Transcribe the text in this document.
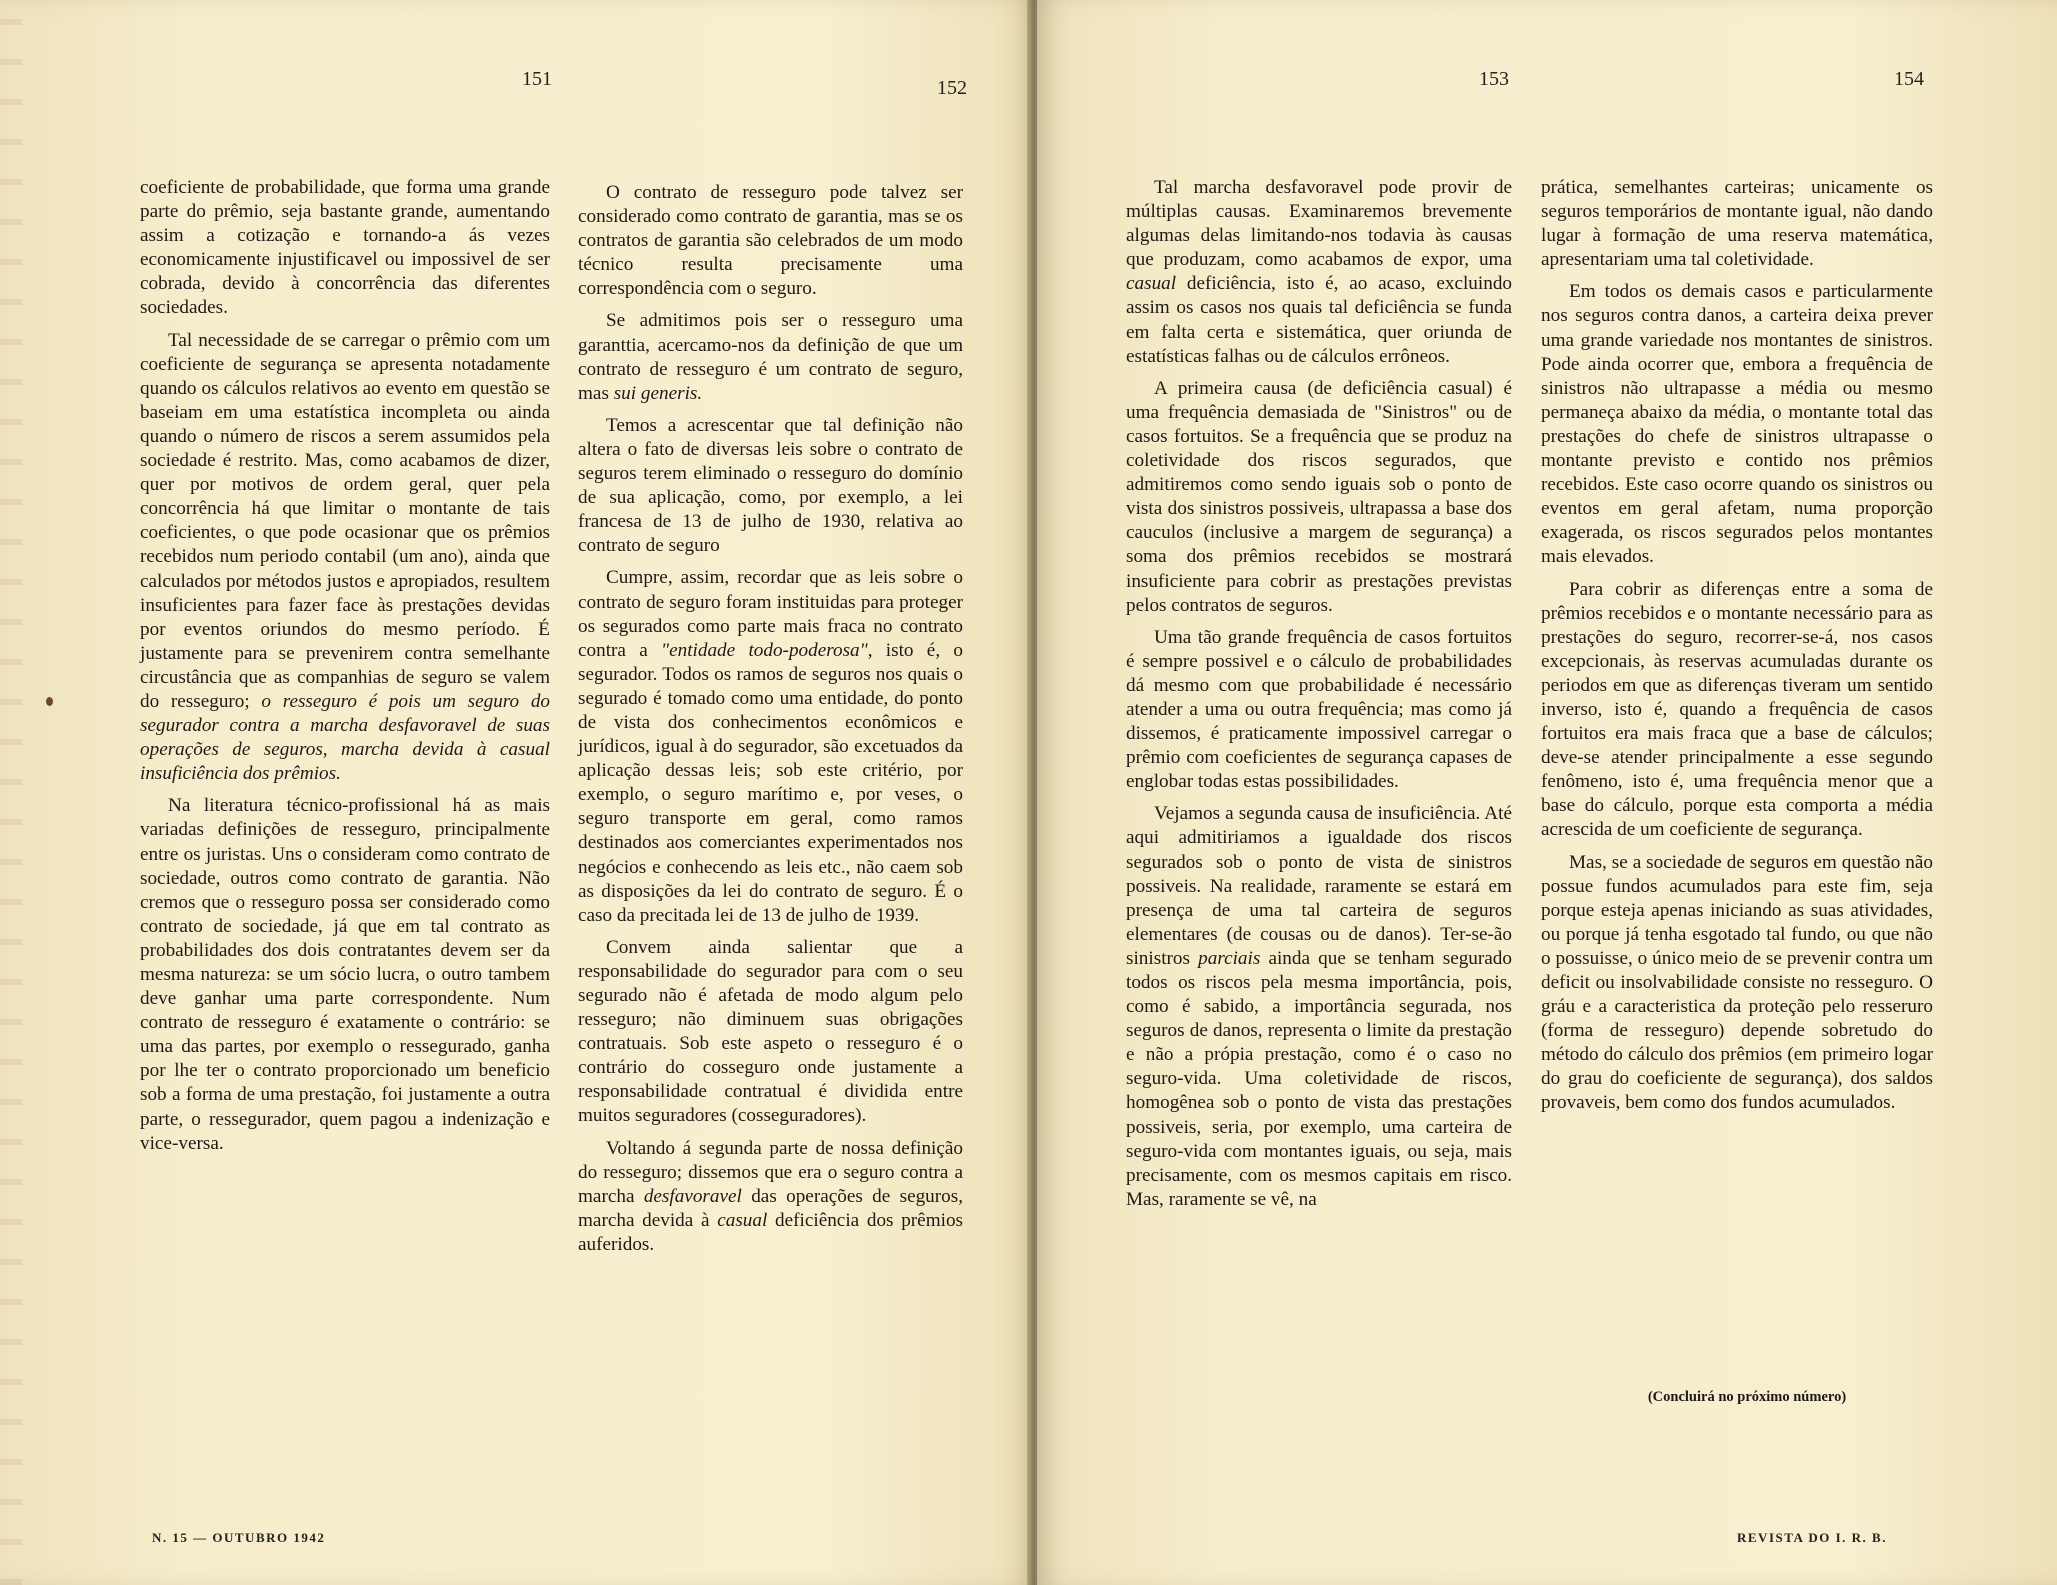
151	152

coeficiente de probabilidade, que forma uma grande parte do prêmio, seja bastante grande, aumentando assim a cotização e tornando-a ás vezes economicamente injustificavel ou impossivel de ser cobrada, devido à concorrência das diferentes sociedades.

Tal necessidade de se carregar o prêmio com um coeficiente de segurança se apresenta notadamente quando os cálculos relativos ao evento em questão se baseiam em uma estatística incompleta ou ainda quando o número de riscos a serem assumidos pela sociedade é restrito. Mas, como acabamos de dizer, quer por motivos de ordem geral, quer pela concorrência há que limitar o montante de tais coeficientes, o que pode ocasionar que os prêmios recebidos num periodo contabil (um ano), ainda que calculados por métodos justos e apropiados, resultem insuficientes para fazer face às prestações devidas por eventos oriundos do mesmo período. É justamente para se prevenirem contra semelhante circustância que as companhias de seguro se valem do resseguro; o resseguro é pois um seguro do segurador contra a marcha desfavoravel de suas operações de seguros, marcha devida à casual insuficiência dos prêmios.

Na literatura técnico-profissional há as mais variadas definições de resseguro, principalmente entre os juristas. Uns o consideram como contrato de sociedade, outros como contrato de garantia. Não cremos que o resseguro possa ser considerado como contrato de sociedade, já que em tal contrato as probabilidades dos dois contratantes devem ser da mesma natureza: se um sócio lucra, o outro tambem deve ganhar uma parte correspondente. Num contrato de resseguro é exatamente o contrário: se uma das partes, por exemplo o ressegurado, ganha por lhe ter o contrato proporcionado um beneficio sob a forma de uma prestação, foi justamente a outra parte, o ressegurador, quem pagou a indenização e vice-versa.

O contrato de resseguro pode talvez ser considerado como contrato de garantia, mas se os contratos de garantia são celebrados de um modo técnico resulta precisamente uma correspondência com o seguro.

Se admitimos pois ser o resseguro uma garanttia, acercamo-nos da definição de que um contrato de resseguro é um contrato de seguro, mas sui generis.

Temos a acrescentar que tal definição não altera o fato de diversas leis sobre o contrato de seguros terem eliminado o resseguro do domínio de sua aplicação, como, por exemplo, a lei francesa de 13 de julho de 1930, relativa ao contrato de seguro

Cumpre, assim, recordar que as leis sobre o contrato de seguro foram instituidas para proteger os segurados como parte mais fraca no contrato contra a "entidade todo-poderosa", isto é, o segurador. Todos os ramos de seguros nos quais o segurado é tomado como uma entidade, do ponto de vista dos conhecimentos econômicos e jurídicos, igual à do segurador, são excetuados da aplicação dessas leis; sob este critério, por exemplo, o seguro marítimo e, por veses, o seguro transporte em geral, como ramos destinados aos comerciantes experimentados nos negócios e conhecendo as leis etc., não caem sob as disposições da lei do contrato de seguro. É o caso da precitada lei de 13 de julho de 1939.

Convem ainda salientar que a responsabilidade do segurador para com o seu segurado não é afetada de modo algum pelo resseguro; não diminuem suas obrigações contratuais. Sob este aspeto o resseguro é o contrário do cosseguro onde justamente a responsabilidade contratual é dividida entre muitos seguradores (cosseguradores).

Voltando á segunda parte de nossa definição do resseguro; dissemos que era o seguro contra a marcha desfavoravel das operações de seguros, marcha devida à casual deficiência dos prêmios auferidos.

N. 15 — OUTUBRO 1942
153	154

Tal marcha desfavoravel pode provir de múltiplas causas. Examinaremos brevemente algumas delas limitando-nos todavia às causas que produzam, como acabamos de expor, uma casual deficiência, isto é, ao acaso, excluindo assim os casos nos quais tal deficiência se funda em falta certa e sistemática, quer oriunda de estatísticas falhas ou de cálculos errôneos.

A primeira causa (de deficiência casual) é uma frequência demasiada de "Sinistros" ou de casos fortuitos. Se a frequência que se produz na coletividade dos riscos segurados, que admitiremos como sendo iguais sob o ponto de vista dos sinistros possiveis, ultrapassa a base dos cauculos (inclusive a margem de segurança) a soma dos prêmios recebidos se mostrará insuficiente para cobrir as prestações previstas pelos contratos de seguros.

Uma tão grande frequência de casos fortuitos é sempre possivel e o cálculo de probabilidades dá mesmo com que probabilidade é necessário atender a uma ou outra frequência; mas como já dissemos, é praticamente impossivel carregar o prêmio com coeficientes de segurança capases de englobar todas estas possibilidades.

Vejamos a segunda causa de insuficiência. Até aqui admitiriamos a igualdade dos riscos segurados sob o ponto de vista de sinistros possiveis. Na realidade, raramente se estará em presença de uma tal carteira de seguros elementares (de cousas ou de danos). Ter-se-ão sinistros parciais ainda que se tenham segurado todos os riscos pela mesma importância, pois, como é sabido, a importância segurada, nos seguros de danos, representa o limite da prestação e não a própia prestação, como é o caso no seguro-vida. Uma coletividade de riscos, homogênea sob o ponto de vista das prestações possiveis, seria, por exemplo, uma carteira de seguro-vida com montantes iguais, ou seja, mais precisamente, com os mesmos capitais em risco. Mas, raramente se vê, na

prática, semelhantes carteiras; unicamente os seguros temporários de montante igual, não dando lugar à formação de uma reserva matemática, apresentariam uma tal coletividade.

Em todos os demais casos e particularmente nos seguros contra danos, a carteira deixa prever uma grande variedade nos montantes de sinistros. Pode ainda ocorrer que, embora a frequência de sinistros não ultrapasse a média ou mesmo permaneça abaixo da média, o montante total das prestações do chefe de sinistros ultrapasse o montante previsto e contido nos prêmios recebidos. Este caso ocorre quando os sinistros ou eventos em geral afetam, numa proporção exagerada, os riscos segurados pelos montantes mais elevados.

Para cobrir as diferenças entre a soma de prêmios recebidos e o montante necessário para as prestações do seguro, recorrer-se-á, nos casos excepcionais, às reservas acumuladas durante os periodos em que as diferenças tiveram um sentido inverso, isto é, quando a frequência de casos fortuitos era mais fraca que a base de cálculos; deve-se atender principalmente a esse segundo fenômeno, isto é, uma frequência menor que a base do cálculo, porque esta comporta a média acrescida de um coeficiente de segurança.

Mas, se a sociedade de seguros em questão não possue fundos acumulados para este fim, seja porque esteja apenas iniciando as suas atividades, ou porque já tenha esgotado tal fundo, ou que não o possuisse, o único meio de se prevenir contra um deficit ou insolvabilidade consiste no resseguro. O gráu e a caracteristica da proteção pelo resseruro (forma de resseguro) depende sobretudo do método do cálculo dos prêmios (em primeiro logar do grau do coeficiente de segurança), dos saldos provaveis, bem como dos fundos acumulados.

(Concluirá no próximo número)
REVISTA DO I. R. B.
